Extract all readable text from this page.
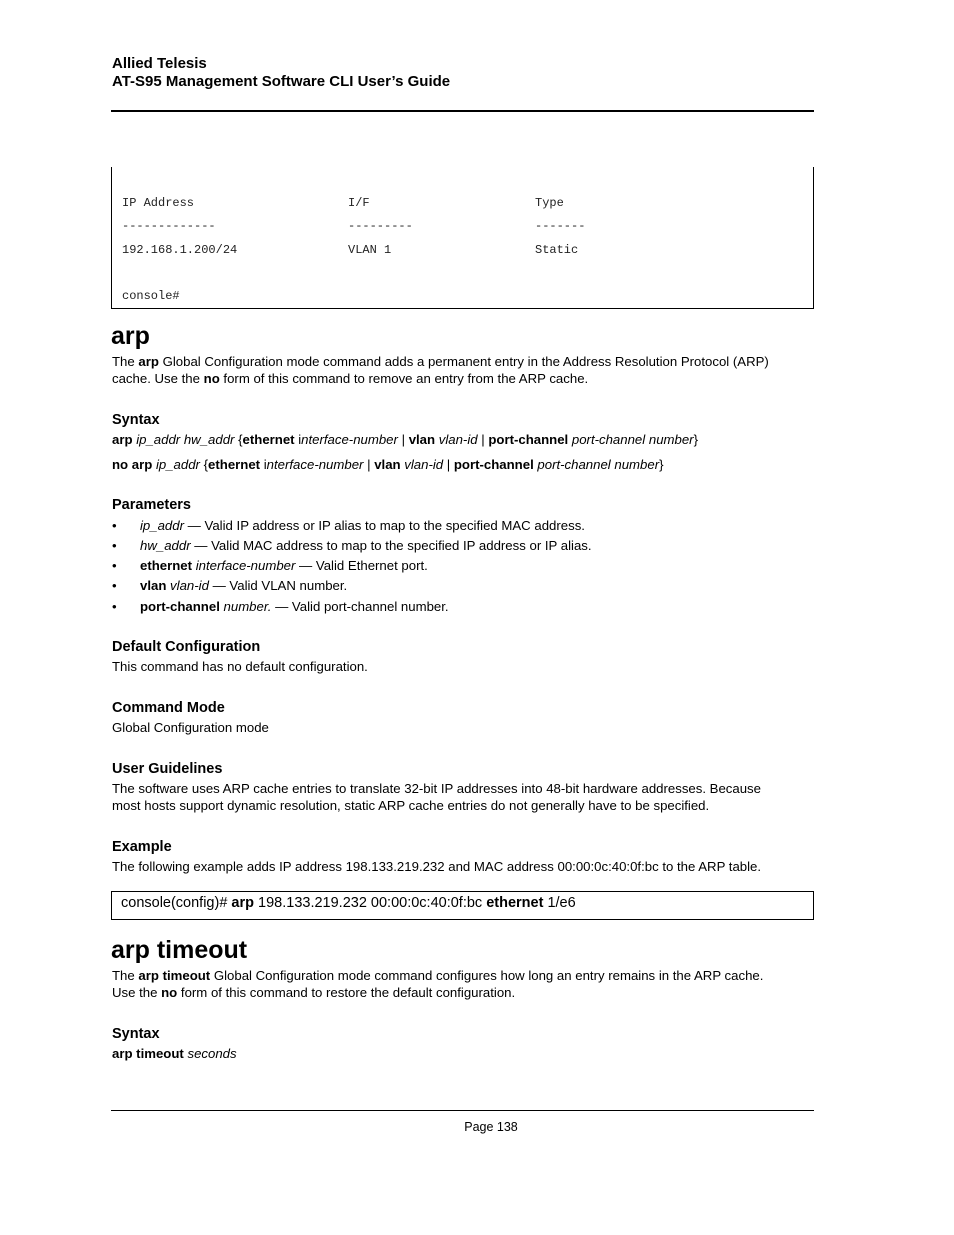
Allied Telesis
AT-S95 Management Software CLI User’s Guide
IP Address	I/F	Type
-------------	---------	-------
192.168.1.200/24	VLAN 1	Static
console#
arp
The arp Global Configuration mode command adds a permanent entry in the Address Resolution Protocol (ARP)
cache. Use the no form of this command to remove an entry from the ARP cache.
Syntax
arp ip_addr hw_addr {ethernet interface-number | vlan vlan-id | port-channel port-channel number}
no arp ip_addr {ethernet interface-number | vlan vlan-id | port-channel port-channel number}
Parameters
• ip_addr — Valid IP address or IP alias to map to the specified MAC address.
• hw_addr — Valid MAC address to map to the specified IP address or IP alias.
• ethernet interface-number — Valid Ethernet port.
• vlan vlan-id — Valid VLAN number.
• port-channel number. — Valid port-channel number.
Default Configuration
This command has no default configuration.
Command Mode
Global Configuration mode
User Guidelines
The software uses ARP cache entries to translate 32-bit IP addresses into 48-bit hardware addresses. Because
most hosts support dynamic resolution, static ARP cache entries do not generally have to be specified.
Example
The following example adds IP address 198.133.219.232 and MAC address 00:00:0c:40:0f:bc to the ARP table.
console(config)# arp 198.133.219.232 00:00:0c:40:0f:bc ethernet 1/e6
arp timeout
The arp timeout Global Configuration mode command configures how long an entry remains in the ARP cache.
Use the no form of this command to restore the default configuration.
Syntax
arp timeout seconds
Page 138
